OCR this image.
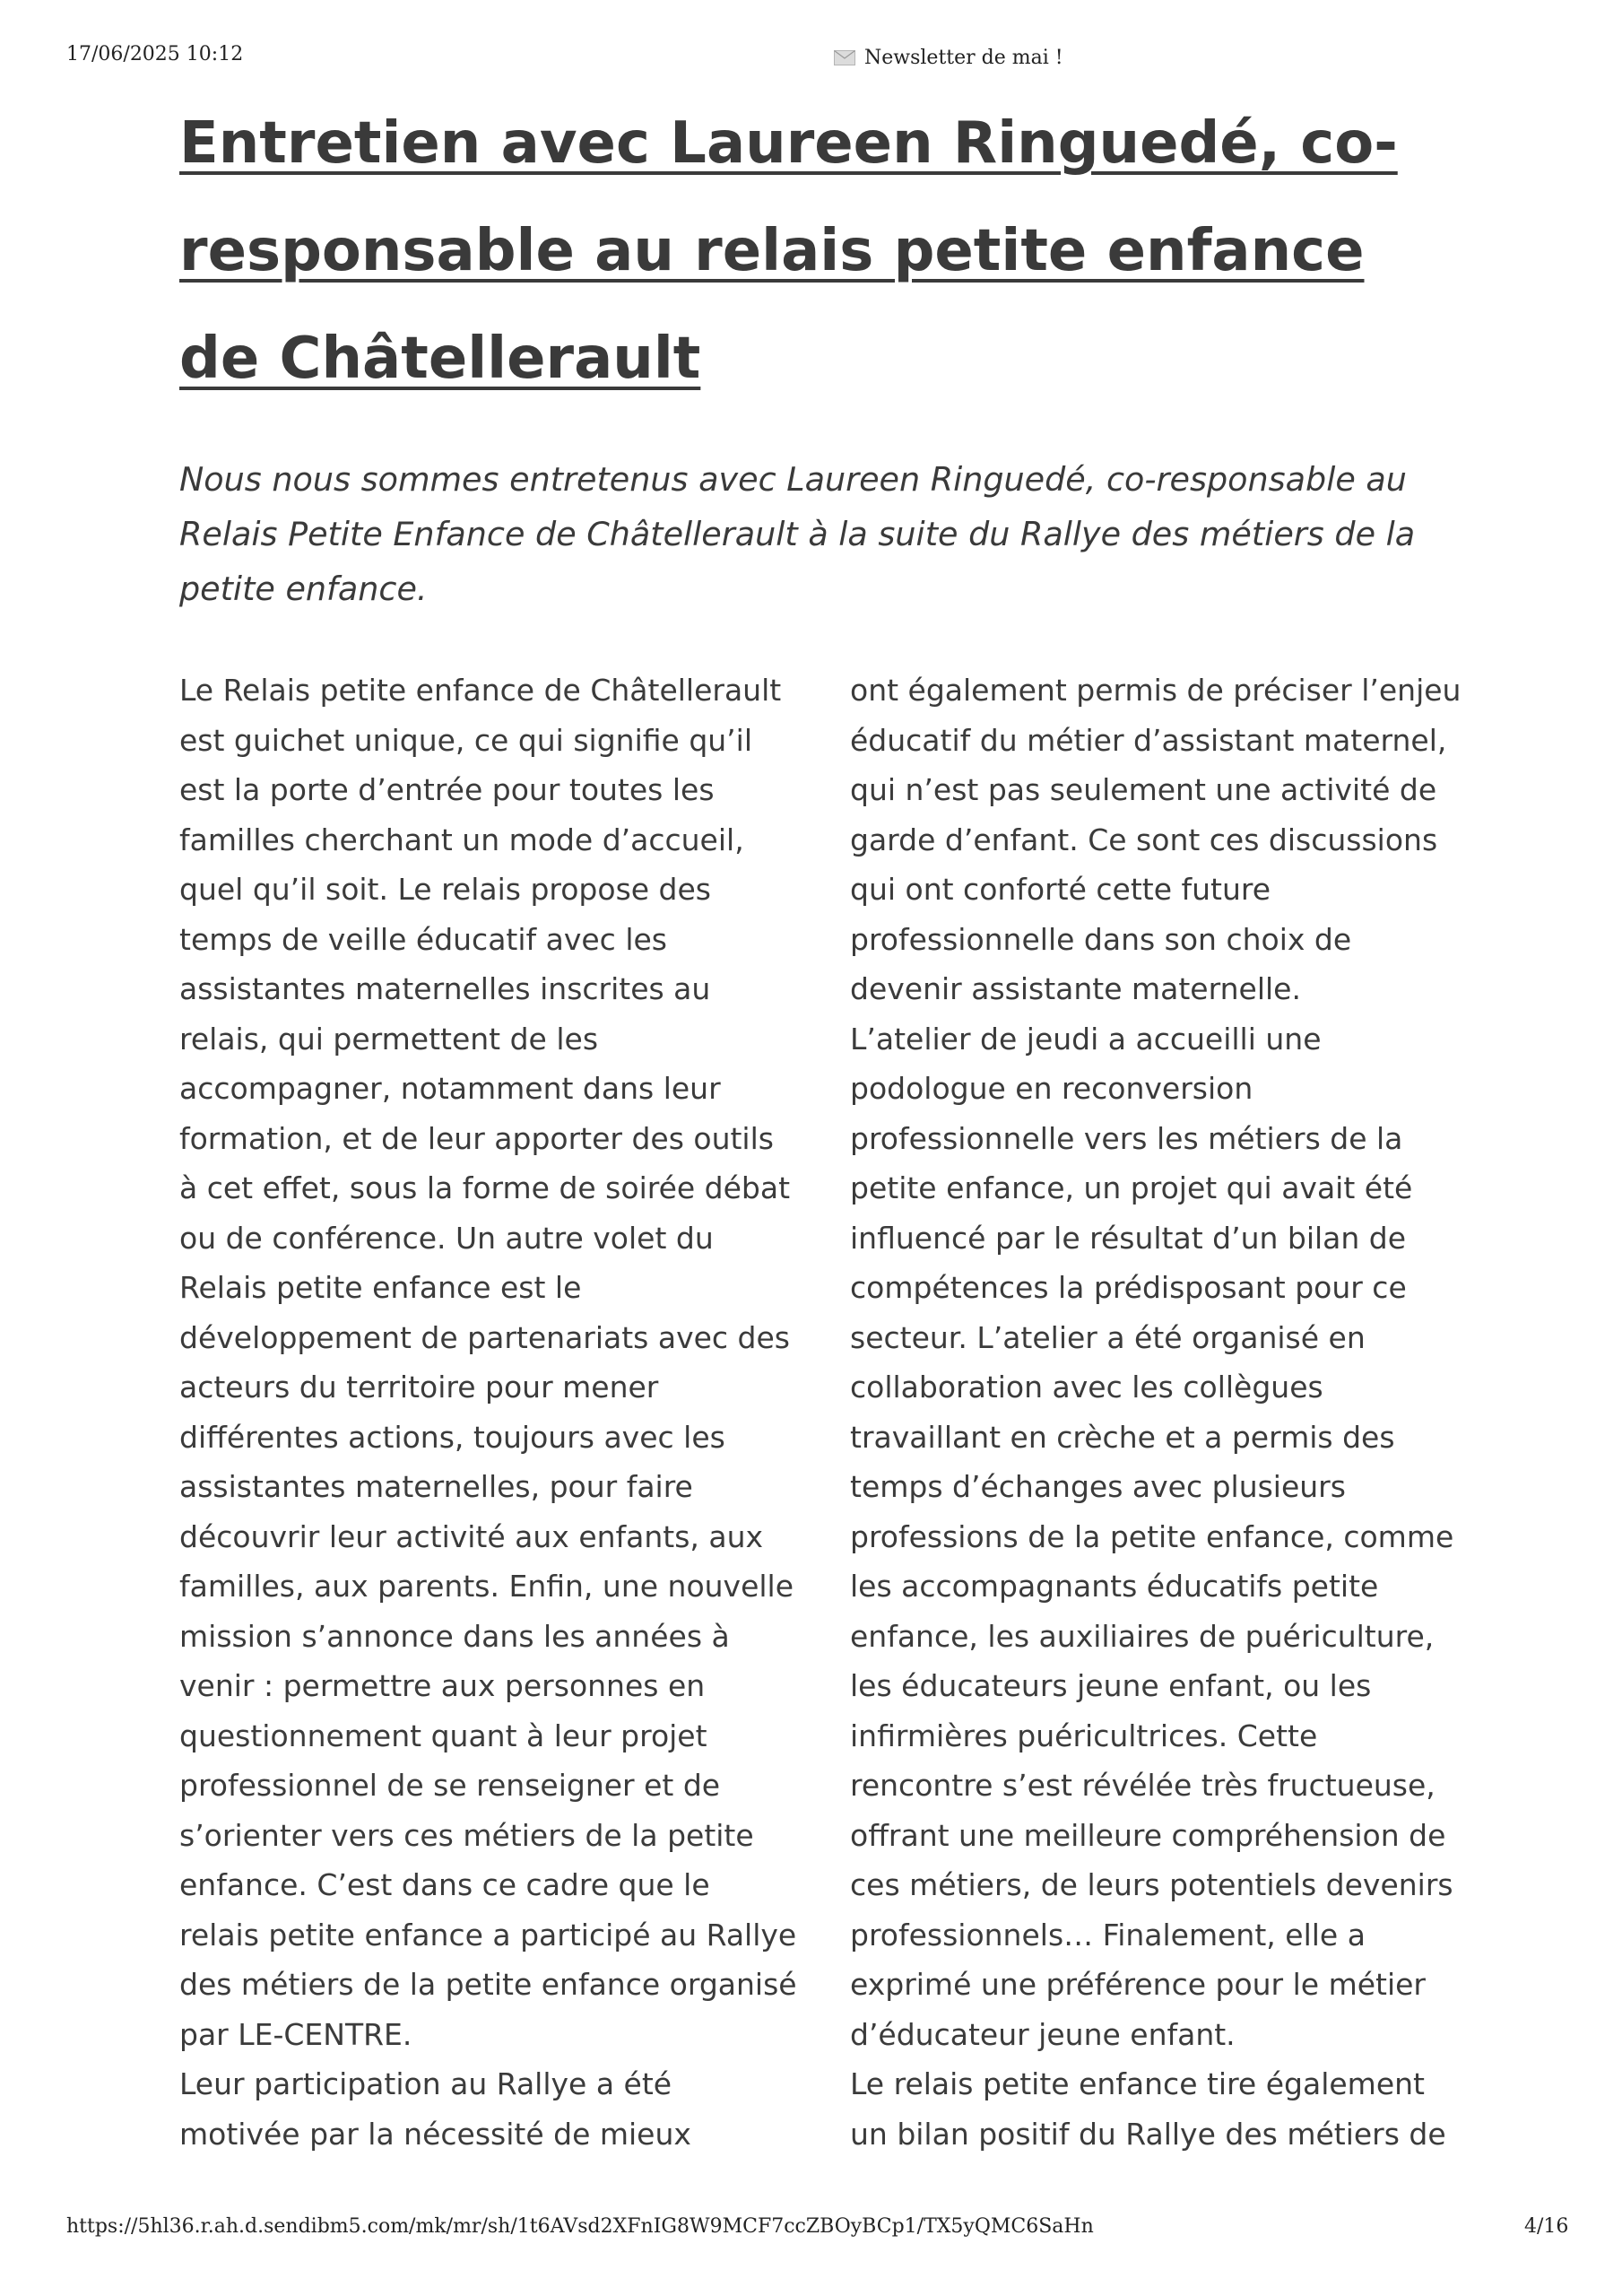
17/06/2025 10:12	Newsletter de mai !
Entretien avec Laureen Ringuedé, co-responsable au relais petite enfance de Châtellerault

Nous nous sommes entretenus avec Laureen Ringuedé, co-responsable au Relais Petite Enfance de Châtellerault à la suite du Rallye des métiers de la petite enfance.

Le Relais petite enfance de Châtellerault est guichet unique, ce qui signifie qu’il est la porte d’entrée pour toutes les familles cherchant un mode d’accueil, quel qu’il soit. Le relais propose des temps de veille éducatif avec les assistantes maternelles inscrites au relais, qui permettent de les accompagner, notamment dans leur formation, et de leur apporter des outils à cet effet, sous la forme de soirée débat ou de conférence. Un autre volet du Relais petite enfance est le développement de partenariats avec des acteurs du territoire pour mener différentes actions, toujours avec les assistantes maternelles, pour faire découvrir leur activité aux enfants, aux familles, aux parents. Enfin, une nouvelle mission s’annonce dans les années à venir : permettre aux personnes en questionnement quant à leur projet professionnel de se renseigner et de s’orienter vers ces métiers de la petite enfance. C’est dans ce cadre que le relais petite enfance a participé au Rallye des métiers de la petite enfance organisé par LE-CENTRE.

Leur participation au Rallye a été motivée par la nécessité de mieux

ont également permis de préciser l’enjeu éducatif du métier d’assistant maternel, qui n’est pas seulement une activité de garde d’enfant. Ce sont ces discussions qui ont conforté cette future professionnelle dans son choix de devenir assistante maternelle.

L’atelier de jeudi a accueilli une podologue en reconversion professionnelle vers les métiers de la petite enfance, un projet qui avait été influencé par le résultat d’un bilan de compétences la prédisposant pour ce secteur. L’atelier a été organisé en collaboration avec les collègues travaillant en crèche et a permis des temps d’échanges avec plusieurs professions de la petite enfance, comme les accompagnants éducatifs petite enfance, les auxiliaires de puériculture, les éducateurs jeune enfant, ou les infirmières puéricultrices. Cette rencontre s’est révélée très fructueuse, offrant une meilleure compréhension de ces métiers, de leurs potentiels devenirs professionnels… Finalement, elle a exprimé une préférence pour le métier d’éducateur jeune enfant.

Le relais petite enfance tire également un bilan positif du Rallye des métiers de

https://5hl36.r.ah.d.sendibm5.com/mk/mr/sh/1t6AVsd2XFnIG8W9MCF7ccZBOyBCp1/TX5yQMC6SaHn	4/16
